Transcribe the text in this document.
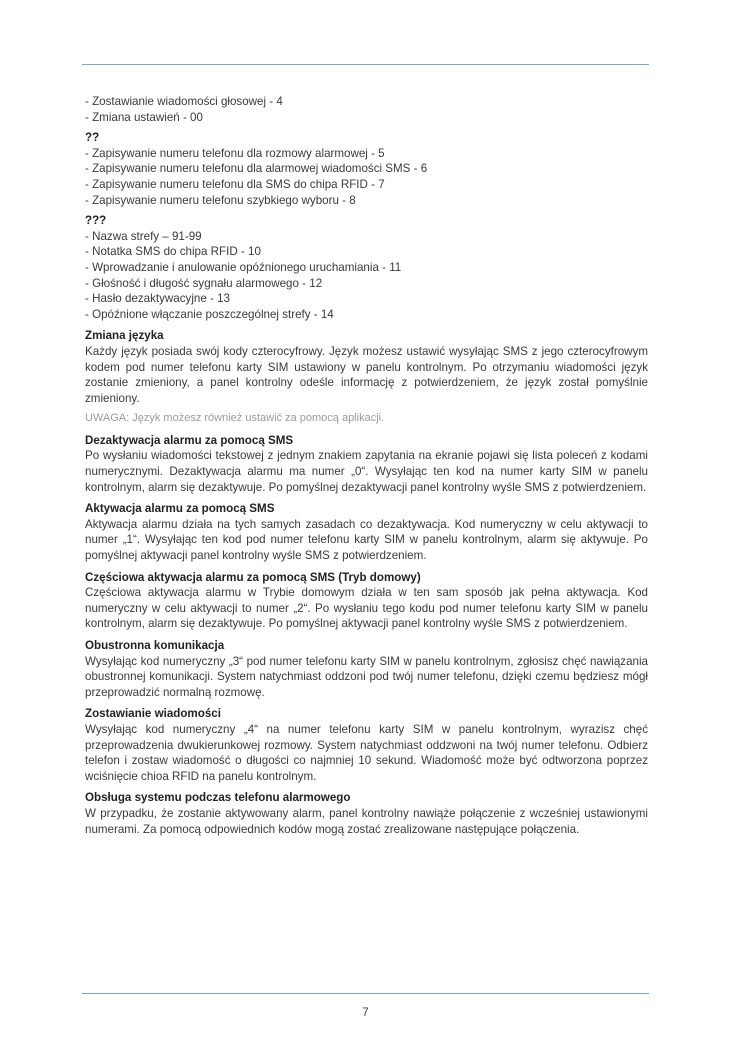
- Zostawianie wiadomości głosowej - 4
- Zmiana ustawień - 00
??
- Zapisywanie numeru telefonu dla rozmowy alarmowej - 5
- Zapisywanie numeru telefonu dla alarmowej wiadomości SMS - 6
- Zapisywanie numeru telefonu dla SMS do chipa RFID - 7
- Zapisywanie numeru telefonu szybkiego wyboru - 8
???
- Nazwa strefy – 91-99
- Notatka SMS do chipa RFID - 10
- Wprowadzanie i anulowanie opóźnionego uruchamiania - 11
- Głośność i długość sygnału alarmowego - 12
- Hasło dezaktywacyjne - 13
- Opóźnione włączanie poszczególnej strefy - 14
Zmiana języka
Każdy język posiada swój kody czterocyfrowy. Język możesz ustawić wysyłając SMS z jego czterocyfrowym kodem pod numer telefonu karty SIM ustawiony w panelu kontrolnym. Po otrzymaniu wiadomości język zostanie zmieniony, a panel kontrolny odeśle informację z potwierdzeniem, że język został pomyślnie zmieniony.
UWAGA: Język możesz również ustawić za pomocą aplikacji.
Dezaktywacja alarmu za pomocą SMS
Po wysłaniu wiadomości tekstowej z jednym znakiem zapytania na ekranie pojawi się lista poleceń z kodami numerycznymi. Dezaktywacja alarmu ma numer „0“. Wysyłając ten kod na numer karty SIM w panelu kontrolnym, alarm się dezaktywuje. Po pomyślnej dezaktywacji panel kontrolny wyśle SMS z potwierdzeniem.
Aktywacja alarmu za pomocą SMS
Aktywacja alarmu działa na tych samych zasadach co dezaktywacja. Kod numeryczny w celu aktywacji to numer „1“. Wysyłając ten kod pod numer telefonu karty SIM w panelu kontrolnym, alarm się aktywuje. Po pomyślnej aktywacji panel kontrolny wyśle SMS z potwierdzeniem.
Częściowa aktywacja alarmu za pomocą SMS (Tryb domowy)
Częściowa aktywacja alarmu w Trybie domowym działa w ten sam sposób jak pełna aktywacja. Kod numeryczny w celu aktywacji to numer „2“. Po wysłaniu tego kodu pod numer telefonu karty SIM w panelu kontrolnym, alarm się dezaktywuje. Po pomyślnej aktywacji panel kontrolny wyśle SMS z potwierdzeniem.
Obustronna komunikacja
Wysyłając kod numeryczny „3“ pod numer telefonu karty SIM w panelu kontrolnym, zgłosisz chęć nawiązania obustronnej komunikacji. System natychmiast oddzoni pod twój numer telefonu, dzięki czemu będziesz mógł przeprowadzić normalną rozmowę.
Zostawianie wiadomości
Wysyłając kod numeryczny „4“ na numer telefonu karty SIM w panelu kontrolnym, wyrazisz chęć przeprowadzenia dwukierunkowej rozmowy. System natychmiast oddzwoni na twój numer telefonu. Odbierz telefon i zostaw wiadomość o długości co najmniej 10 sekund. Wiadomość może być odtworzona poprzez wciśnięcie chioa RFID na panelu kontrolnym.
Obsługa systemu podczas telefonu alarmowego
W przypadku, że zostanie aktywowany alarm, panel kontrolny nawiąże połączenie z wcześniej ustawionymi numerami. Za pomocą odpowiednich kodów mogą zostać zrealizowane następujące połączenia.
7
